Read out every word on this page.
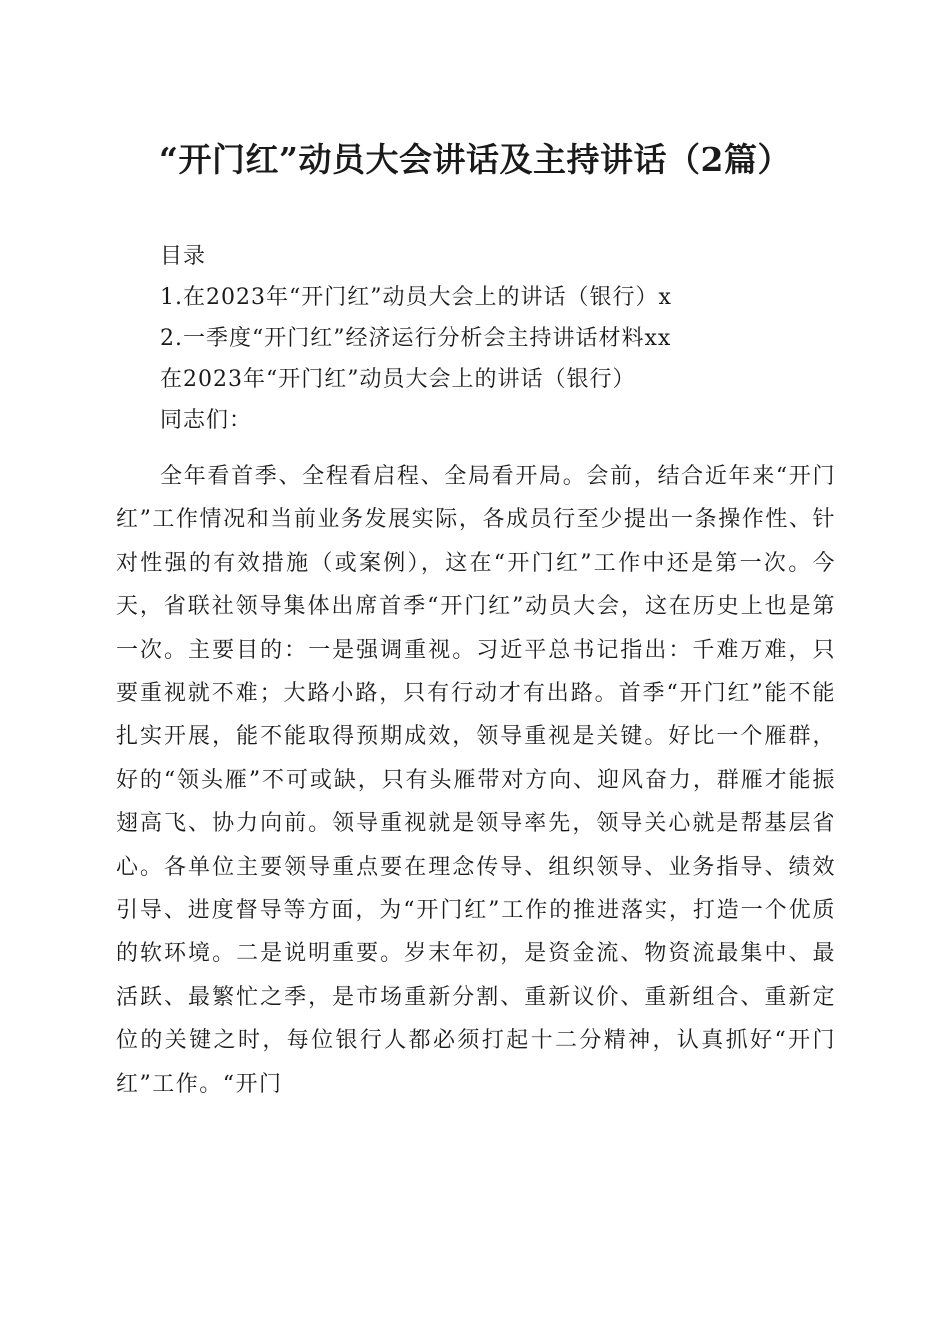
“开门红”动员大会讲话及主持讲话（2篇）
目录
1.在2023年“开门红”动员大会上的讲话（银行）x
2.一季度“开门红”经济运行分析会主持讲话材料xx
在2023年“开门红”动员大会上的讲话（银行）
同志们：

全年看首季、全程看启程、全局看开局。会前，结合近年来“开门红”工作情况和当前业务发展实际，各成员行至少提出一条操作性、针对性强的有效措施（或案例），这在“开门红”工作中还是第一次。今天，省联社领导集体出席首季“开门红”动员大会，这在历史上也是第一次。主要目的：一是强调重视。习近平总书记指出：千难万难，只要重视就不难；大路小路，只有行动才有出路。首季“开门红”能不能扎实开展，能不能取得预期成效，领导重视是关键。好比一个雁群，好的“领头雁”不可或缺，只有头雁带对方向、迎风奋力，群雁才能振翅高飞、协力向前。领导重视就是领导率先，领导关心就是帮基层省心。各单位主要领导重点要在理念传导、组织领导、业务指导、绩效引导、进度督导等方面，为“开门红”工作的推进落实，打造一个优质的软环境。二是说明重要。岁末年初，是资金流、物资流最集中、最活跃、最繁忙之季，是市场重新分割、重新议价、重新组合、重新定位的关键之时，每位银行人都必须打起十二分精神，认真抓好“开门红”工作。“开门
